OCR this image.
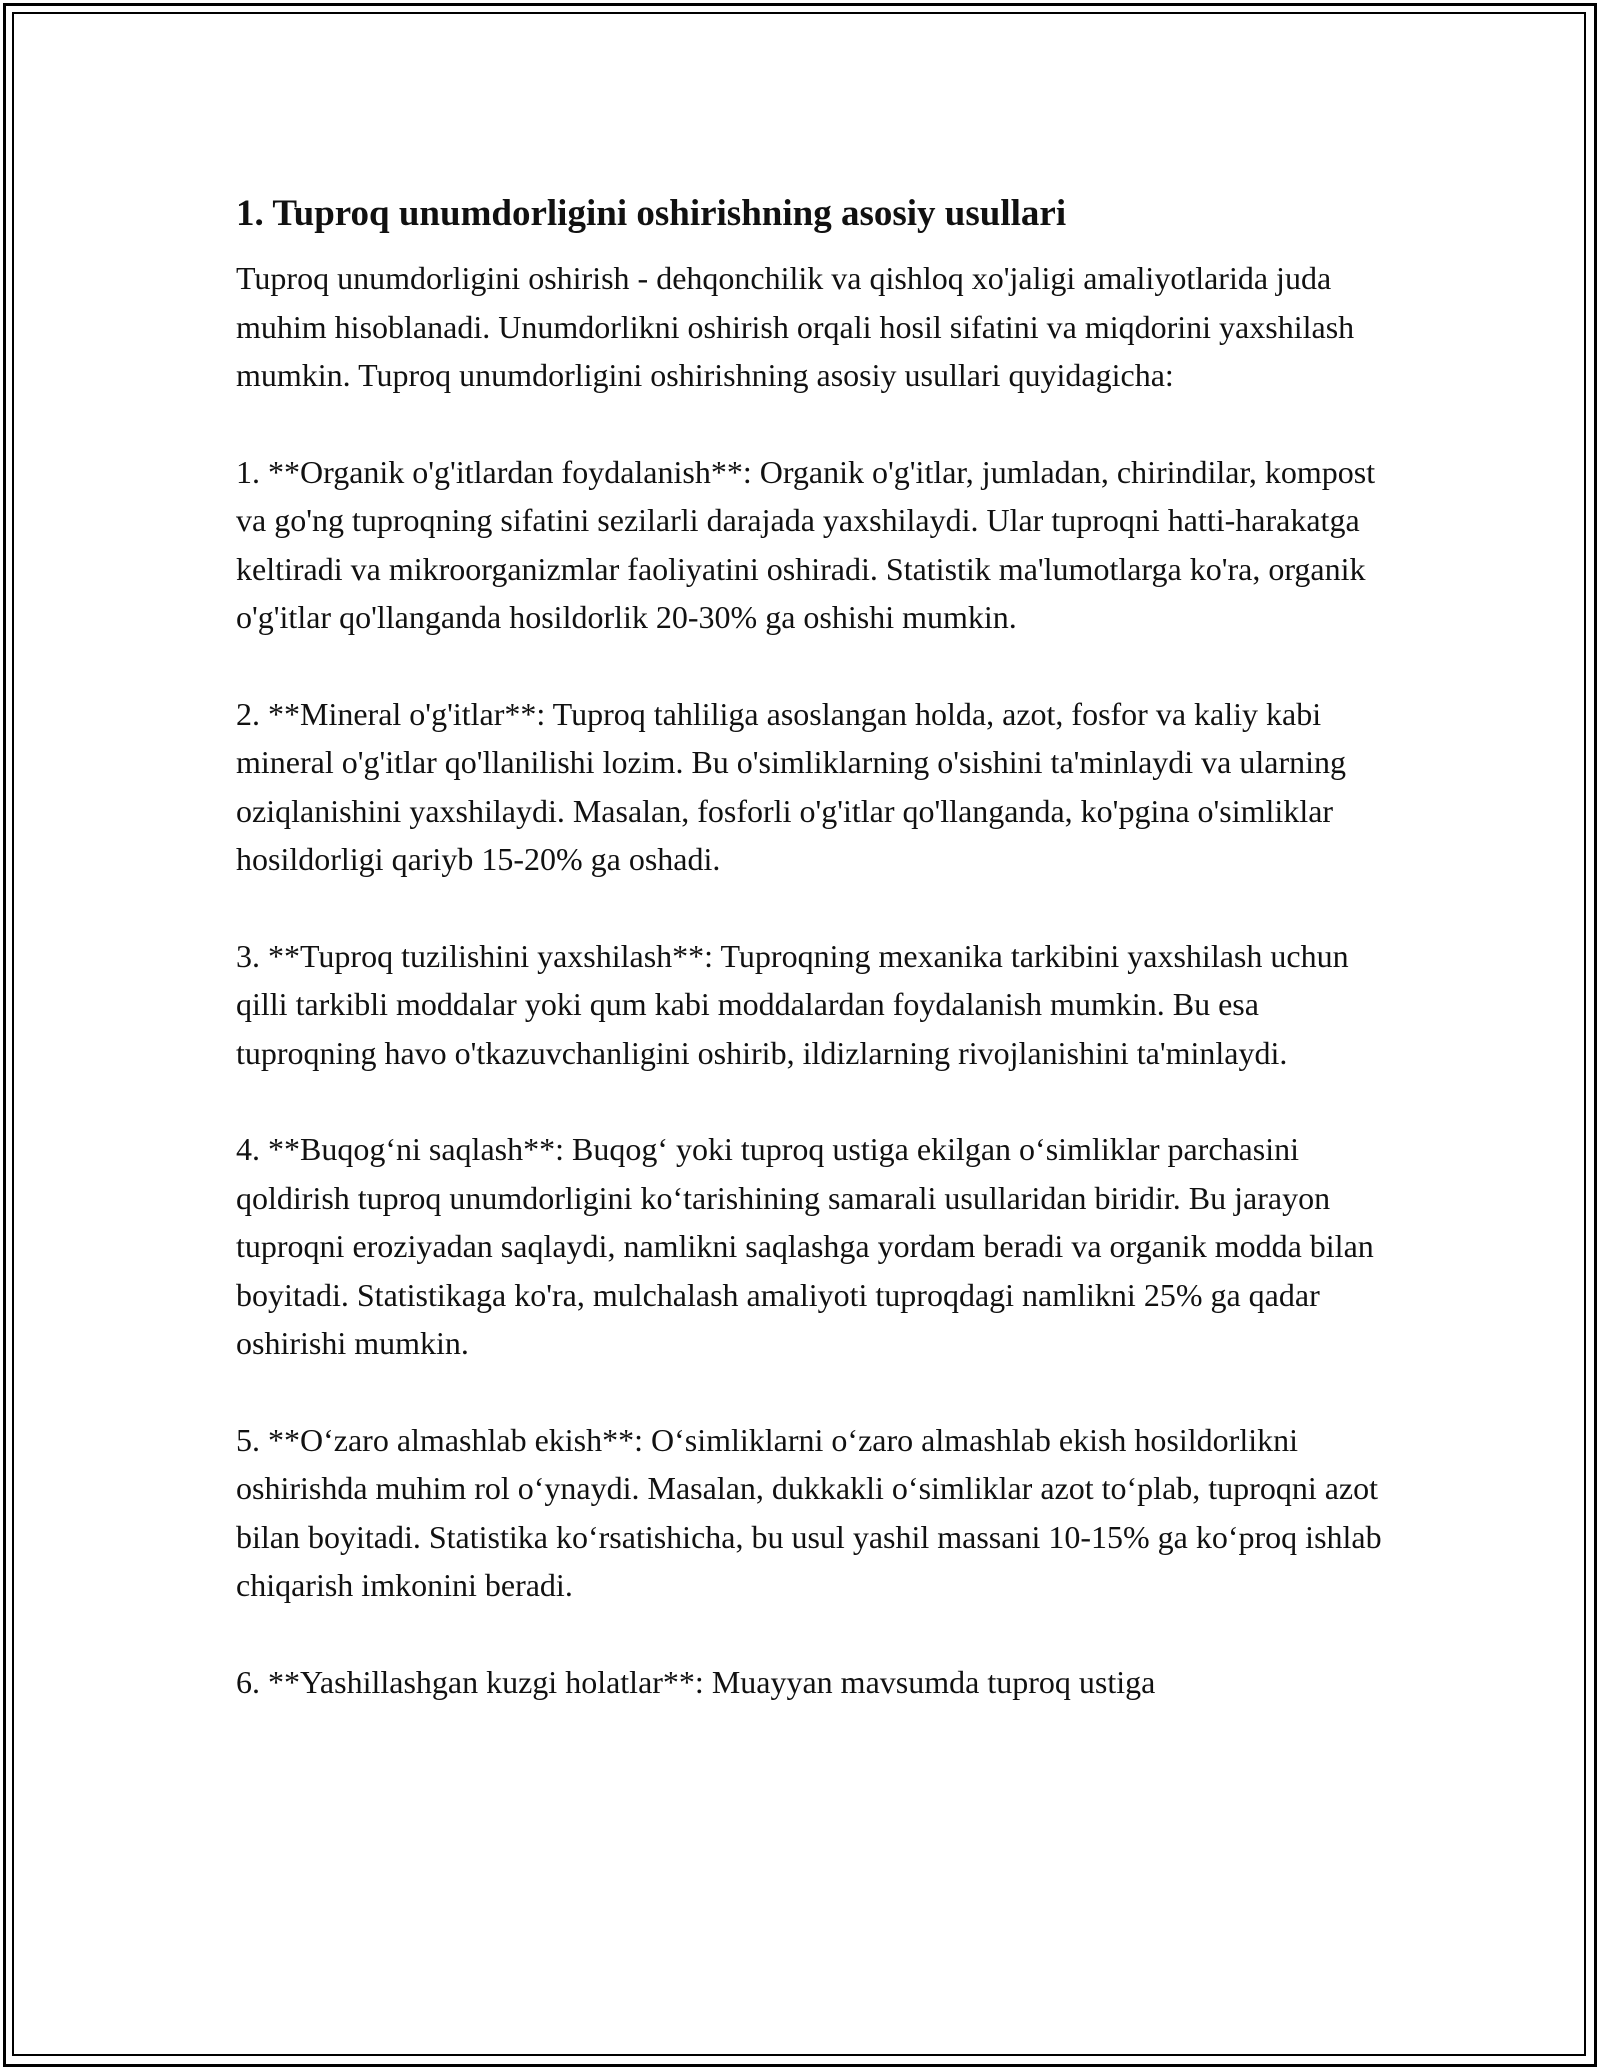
1. Tuproq unumdorligini oshirishning asosiy usullari

Tuproq unumdorligini oshirish - dehqonchilik va qishloq xo'jaligi amaliyotlarida juda muhim hisoblanadi. Unumdorlikni oshirish orqali hosil sifatini va miqdorini yaxshilash mumkin. Tuproq unumdorligini oshirishning asosiy usullari quyidagicha:

1. **Organik o'g'itlardan foydalanish**: Organik o'g'itlar, jumladan, chirindilar, kompost va go'ng tuproqning sifatini sezilarli darajada yaxshilaydi. Ular tuproqni hatti-harakatga keltiradi va mikroorganizmlar faoliyatini oshiradi. Statistik ma'lumotlarga ko'ra, organik o'g'itlar qo'llanganda hosildorlik 20-30% ga oshishi mumkin.

2. **Mineral o'g'itlar**: Tuproq tahliliga asoslangan holda, azot, fosfor va kaliy kabi mineral o'g'itlar qo'llanilishi lozim. Bu o'simliklarning o'sishini ta'minlaydi va ularning oziqlanishini yaxshilaydi. Masalan, fosforli o'g'itlar qo'llanganda, ko'pgina o'simliklar hosildorligi qariyb 15-20% ga oshadi.

3. **Tuproq tuzilishini yaxshilash**: Tuproqning mexanika tarkibini yaxshilash uchun qilli tarkibli moddalar yoki qum kabi moddalardan foydalanish mumkin. Bu esa tuproqning havo o'tkazuvchanligini oshirib, ildizlarning rivojlanishini ta'minlaydi.

4. **Buqog‘ni saqlash**: Buqog‘ yoki tuproq ustiga ekilgan o‘simliklar parchasini qoldirish tuproq unumdorligini ko‘tarishining samarali usullaridan biridir. Bu jarayon tuproqni eroziyadan saqlaydi, namlikni saqlashga yordam beradi va organik modda bilan boyitadi. Statistikaga ko'ra, mulchalash amaliyoti tuproqdagi namlikni 25% ga qadar oshirishi mumkin.

5. **O‘zaro almashlab ekish**: O‘simliklarni o‘zaro almashlab ekish hosildorlikni oshirishda muhim rol o‘ynaydi. Masalan, dukkakli o‘simliklar azot to‘plab, tuproqni azot bilan boyitadi. Statistika ko‘rsatishicha, bu usul yashil massani 10-15% ga ko‘proq ishlab chiqarish imkonini beradi.

6. **Yashillashgan kuzgi holatlar**: Muayyan mavsumda tuproq ustiga
